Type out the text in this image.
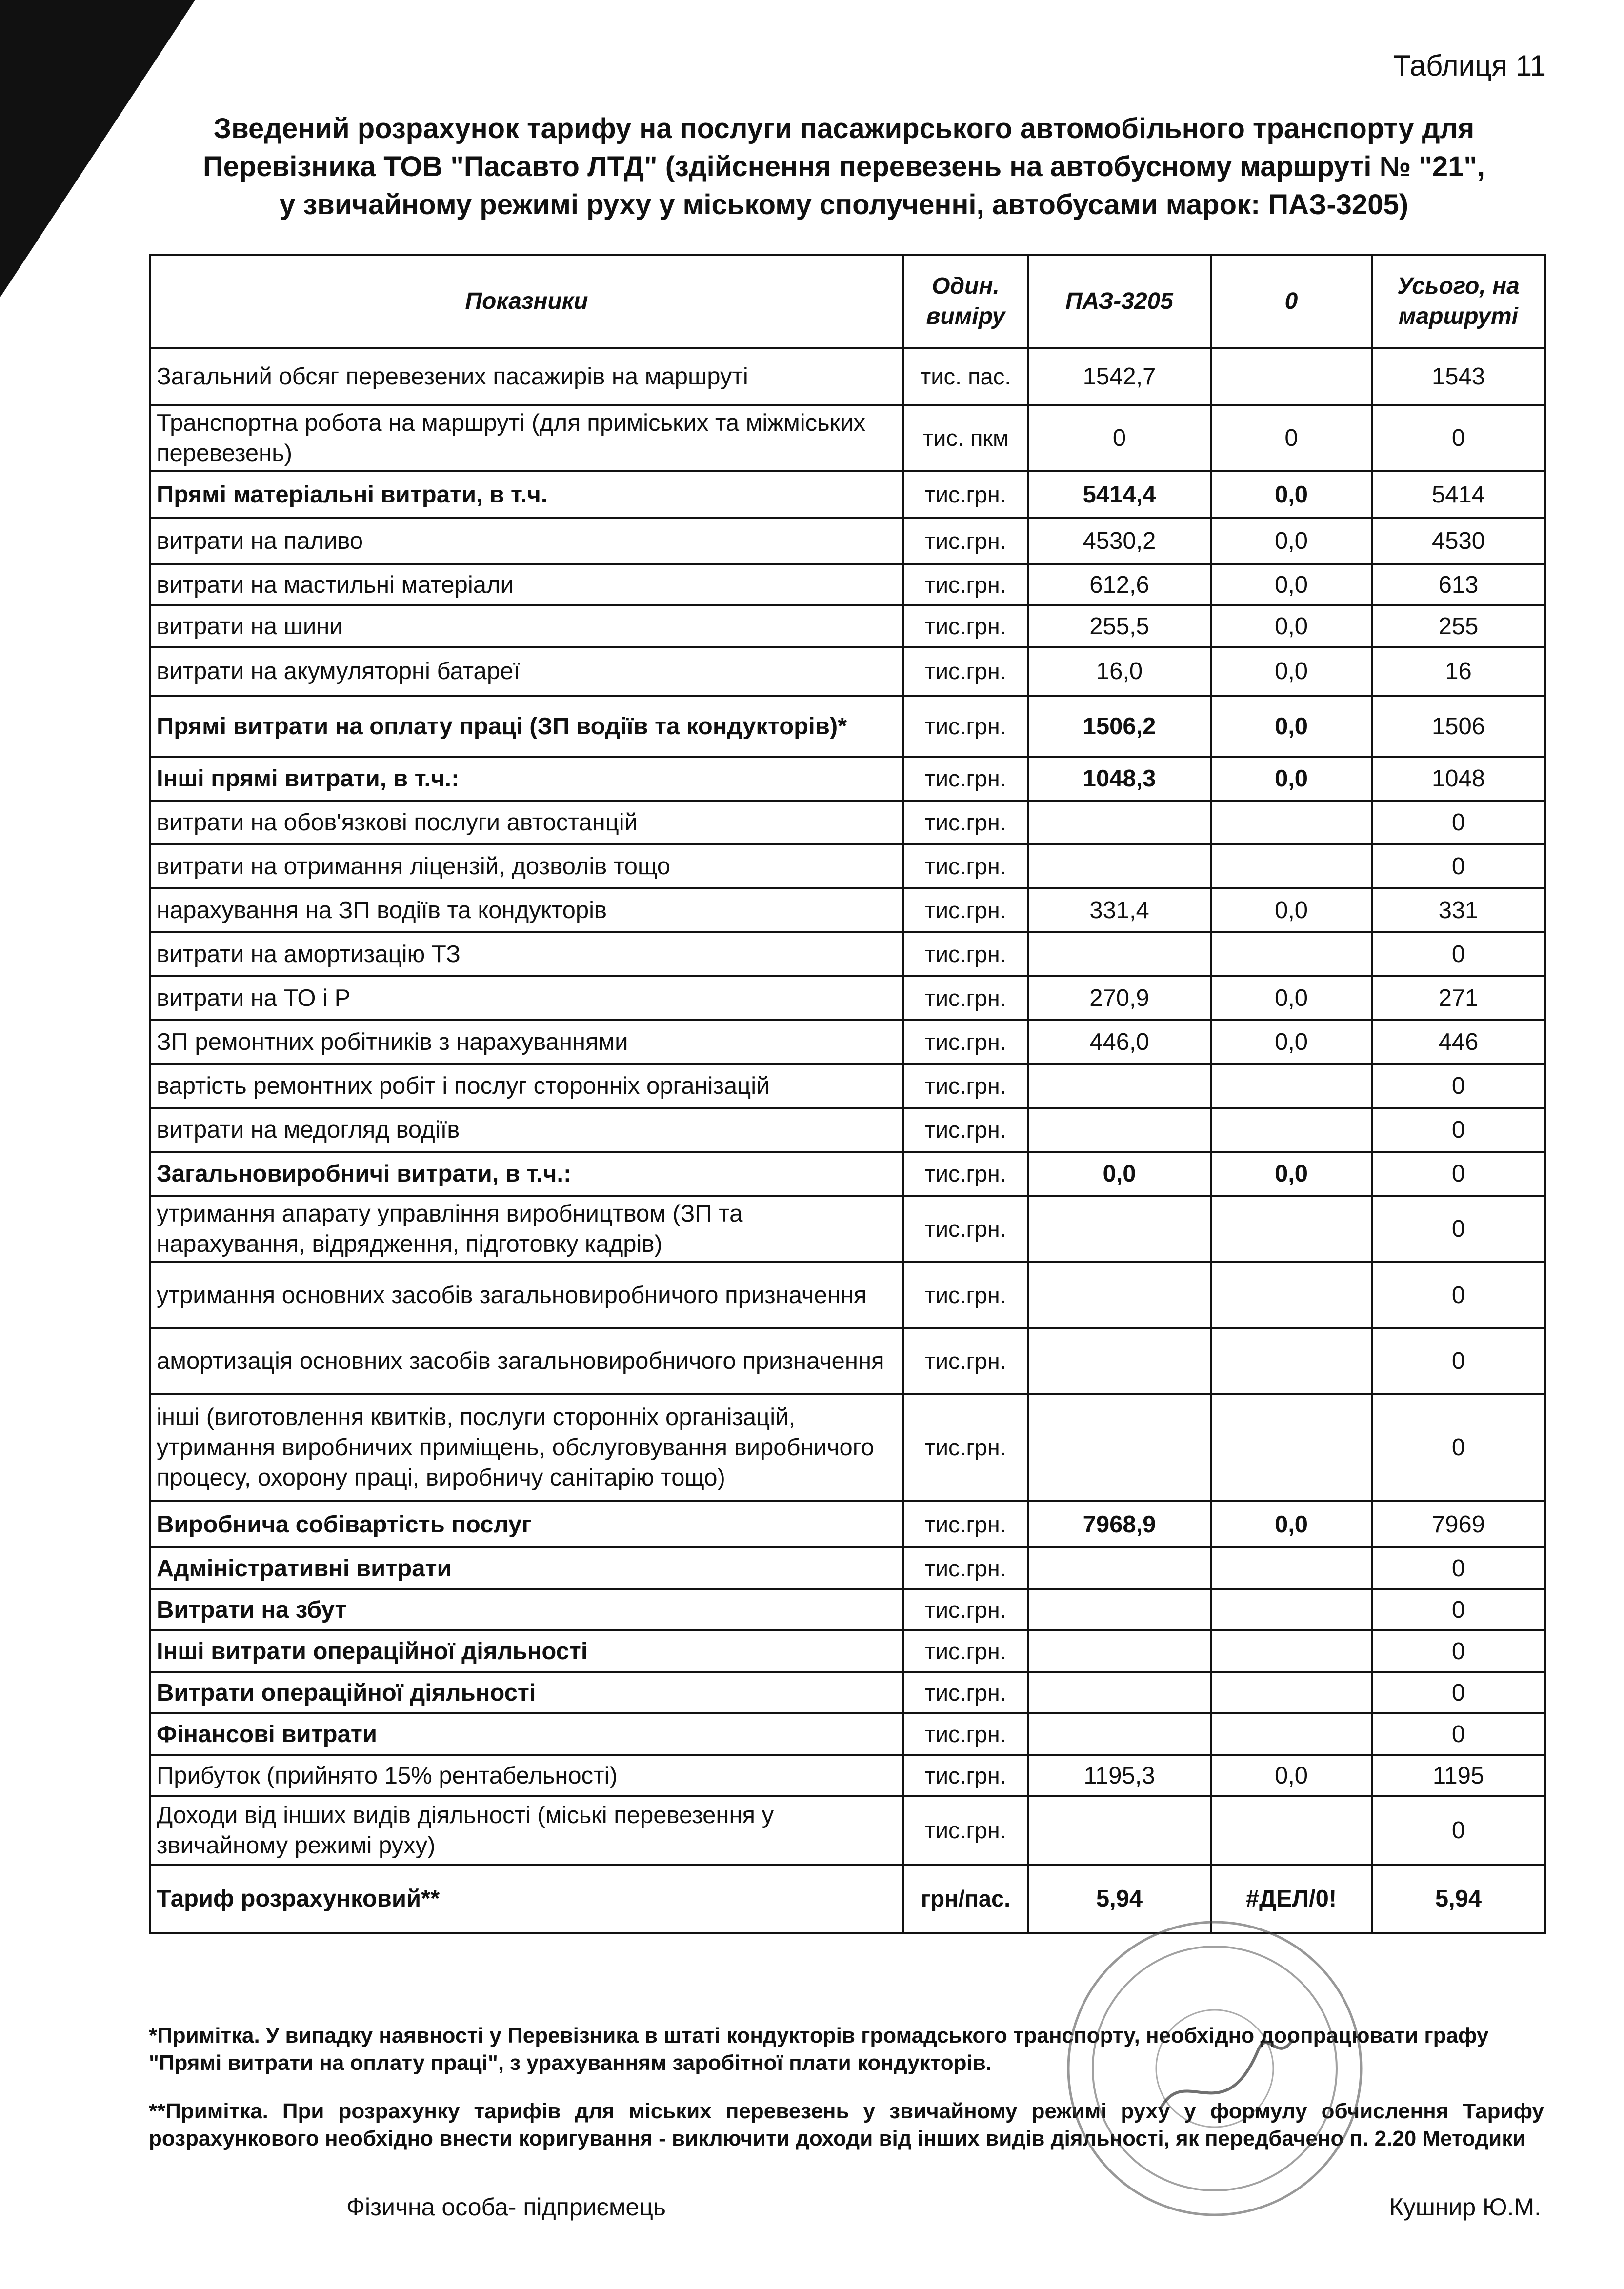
Таблиця 11
Зведений розрахунок тарифу на послуги пасажирського автомобільного транспорту для
Перевізника ТОВ "Пасавто ЛТД" (здійснення перевезень на автобусному маршруті № "21",
у звичайному режимі руху у міському сполученні, автобусами марок: ПАЗ-3205)
Показники	Один. виміру	ПАЗ-3205	0	Усього, на маршруті
Загальний обсяг перевезених пасажирів на маршруті	тис. пас.	1542,7		1543
Транспортна робота на маршруті (для приміських та міжміських перевезень)	тис. пкм	0	0	0
Прямі матеріальні витрати, в т.ч.	тис.грн.	5414,4	0,0	5414
витрати на паливо	тис.грн.	4530,2	0,0	4530
витрати на мастильні матеріали	тис.грн.	612,6	0,0	613
витрати на шини	тис.грн.	255,5	0,0	255
витрати на акумуляторні батареї	тис.грн.	16,0	0,0	16
Прямі витрати на оплату праці (ЗП водіїв та кондукторів)*	тис.грн.	1506,2	0,0	1506
Інші прямі витрати, в т.ч.:	тис.грн.	1048,3	0,0	1048
витрати на обов'язкові послуги автостанцій	тис.грн.			0
витрати на отримання ліцензій, дозволів тощо	тис.грн.			0
нарахування на ЗП водіїв та кондукторів	тис.грн.	331,4	0,0	331
витрати на амортизацію ТЗ	тис.грн.			0
витрати на ТО і Р	тис.грн.	270,9	0,0	271
ЗП ремонтних робітників з нарахуваннями	тис.грн.	446,0	0,0	446
вартість ремонтних робіт і послуг сторонніх організацій	тис.грн.			0
витрати на медогляд водіїв	тис.грн.			0
Загальновиробничі витрати, в т.ч.:	тис.грн.	0,0	0,0	0
утримання апарату управління виробництвом (ЗП та нарахування, відрядження, підготовку кадрів)	тис.грн.			0
утримання основних засобів загальновиробничого призначення	тис.грн.			0
амортизація основних засобів загальновиробничого призначення	тис.грн.			0
інші (виготовлення квитків, послуги сторонніх організацій, утримання виробничих приміщень, обслуговування виробничого процесу, охорону праці, виробничу санітарію тощо)	тис.грн.			0
Виробнича собівартість послуг	тис.грн.	7968,9	0,0	7969
Адміністративні витрати	тис.грн.			0
Витрати на збут	тис.грн.			0
Інші витрати операційної діяльності	тис.грн.			0
Витрати операційної діяльності	тис.грн.			0
Фінансові витрати	тис.грн.			0
Прибуток (прийнято 15% рентабельності)	тис.грн.	1195,3	0,0	1195
Доходи від інших видів діяльності (міські перевезення у звичайному режимі руху)	тис.грн.			0
Тариф розрахунковий**	грн/пас.	5,94	#ДЕЛ/0!	5,94
*Примітка. У випадку наявності у Перевізника в штаті кондукторів громадського транспорту, необхідно доопрацювати графу "Прямі витрати на оплату праці", з урахуванням заробітної плати кондукторів.
**Примітка. При розрахунку тарифів для міських перевезень у звичайному режимі руху у формулу обчислення Тарифу розрахункового необхідно внести коригування - виключити доходи від інших видів діяльності, як передбачено п. 2.20 Методики
Фізична особа- підприємець	Кушнир Ю.М.
